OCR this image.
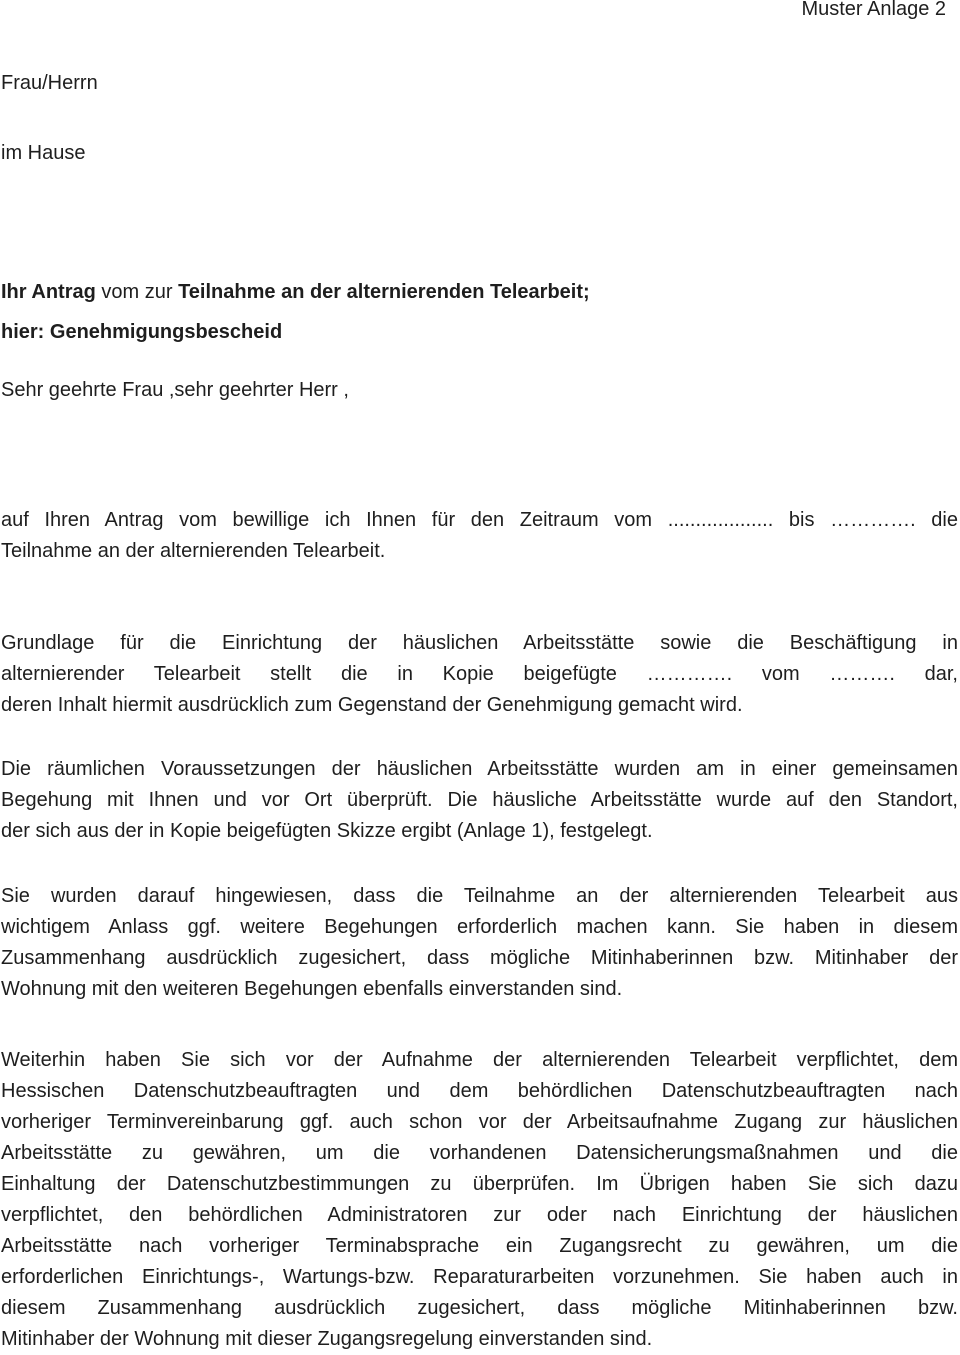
Muster Anlage 2
Frau/Herrn
im Hause
Ihr Antrag vom zur Teilnahme an der alternierenden Telearbeit;
hier: Genehmigungsbescheid
Sehr geehrte Frau ,sehr geehrter Herr ,
auf Ihren Antrag vom bewillige ich Ihnen für den Zeitraum vom ................... bis …………. die
Teilnahme an der alternierenden Telearbeit.
Grundlage für die Einrichtung der häuslichen Arbeitsstätte sowie die Beschäftigung in
alternierender Telearbeit stellt die in Kopie beigefügte …………. vom ………. dar,
deren Inhalt hiermit ausdrücklich zum Gegenstand der Genehmigung gemacht wird.
Die räumlichen Voraussetzungen der häuslichen Arbeitsstätte wurden am in einer gemeinsamen
Begehung mit Ihnen und vor Ort überprüft. Die häusliche Arbeitsstätte wurde auf den Standort,
der sich aus der in Kopie beigefügten Skizze ergibt (Anlage 1), festgelegt.
Sie wurden darauf hingewiesen, dass die Teilnahme an der alternierenden Telearbeit aus
wichtigem Anlass ggf. weitere Begehungen erforderlich machen kann. Sie haben in diesem
Zusammenhang ausdrücklich zugesichert, dass mögliche Mitinhaberinnen bzw. Mitinhaber der
Wohnung mit den weiteren Begehungen ebenfalls einverstanden sind.
Weiterhin haben Sie sich vor der Aufnahme der alternierenden Telearbeit verpflichtet, dem
Hessischen Datenschutzbeauftragten und dem behördlichen Datenschutzbeauftragten nach
vorheriger Terminvereinbarung ggf. auch schon vor der Arbeitsaufnahme Zugang zur häuslichen
Arbeitsstätte zu gewähren, um die vorhandenen Datensicherungsmaßnahmen und die
Einhaltung der Datenschutzbestimmungen zu überprüfen. Im Übrigen haben Sie sich dazu
verpflichtet, den behördlichen Administratoren zur oder nach Einrichtung der häuslichen
Arbeitsstätte nach vorheriger Terminabsprache ein Zugangsrecht zu gewähren, um die
erforderlichen Einrichtungs-, Wartungs-bzw. Reparaturarbeiten vorzunehmen. Sie haben auch in
diesem Zusammenhang ausdrücklich zugesichert, dass mögliche Mitinhaberinnen bzw.
Mitinhaber der Wohnung mit dieser Zugangsregelung einverstanden sind.
